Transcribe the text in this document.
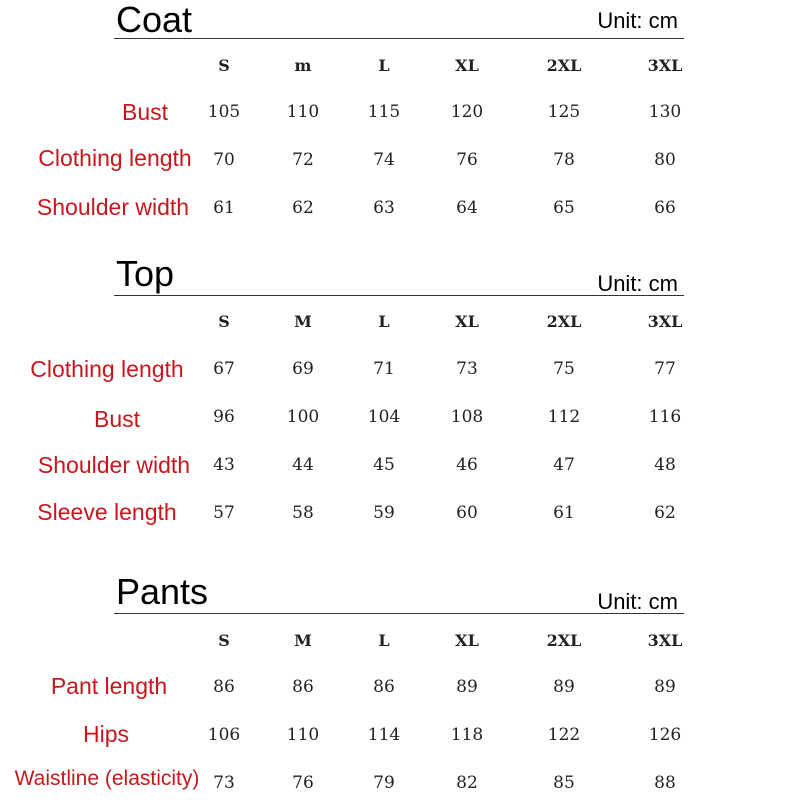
Coat	Unit: cm
S	m	L	XL	2XL	3XL
Bust 105	110	115	120	125	130
Clothing length 70	72	74	76	78	80
Shoulder width 61	62	63	64	65	66
Top	Unit: cm
S	M	L	XL	2XL	3XL
Clothing length 67	69	71	73	75	77
Bust	96	100	104	108	112	116
Shoulder width 43	44	45	46	47	48
Sleeve length 57	58	59	60	61	62
Pants	Unit: cm
S	M	L	XL	2XL	3XL
Pant length	86	86	86	89	89	89
Hips	106	110	114	118	122	126
Waistline (elasticity) 73	76	79	82	85	88
